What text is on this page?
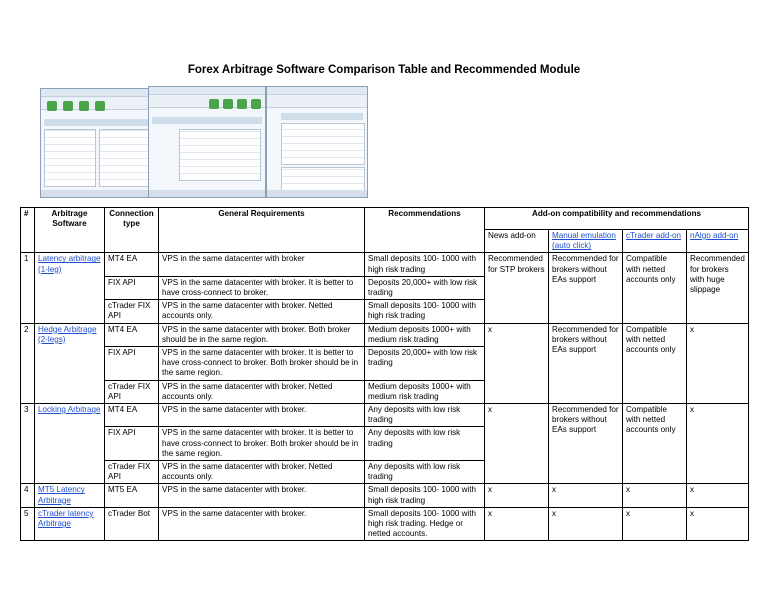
Forex Arbitrage Software Comparison Table and Recommended Module
#	Arbitrage Software	Connection type	General Requirements	Recommendations	Add-on compatibility and recommendations			
					News add-on	Manual emulation (auto click)	cTrader add-on	nAlgo add-on
1	Latency arbitrage (1-leg)	MT4 EA	VPS in the same datacenter with broker	Small deposits 100- 1000 with high risk trading	Recommended for STP brokers	Recommended for brokers without EAs support	Compatible with netted accounts only	Recommended for brokers with huge slippage
		FIX API	VPS in the same datacenter with broker. It is better to have cross-connect to broker.	Deposits 20,000+ with low risk trading				
		cTrader FIX API	VPS in the same datacenter with broker. Netted accounts only.	Small deposits 100- 1000 with high risk trading				
2	Hedge Arbitrage (2-legs)	MT4 EA	VPS in the same datacenter with broker. Both broker should be in the same region.	Medium deposits 1000+ with medium risk trading	x	Recommended for brokers without EAs support	Compatible with netted accounts only	x
		FIX API	VPS in the same datacenter with broker. It is better to have cross-connect to broker. Both broker should be in the same region.	Deposits 20,000+ with low risk trading				
		cTrader FIX API	VPS in the same datacenter with broker. Netted accounts only.	Medium deposits 1000+ with medium risk trading				
3	Locking Arbitrage	MT4 EA	VPS in the same datacenter with broker.	Any deposits with low risk trading	x	Recommended for brokers without EAs support	Compatible with netted accounts only	x
		FIX API	VPS in the same datacenter with broker. It is better to have cross-connect to broker. Both broker should be in the same region.	Any deposits with low risk trading				
		cTrader FIX API	VPS in the same datacenter with broker. Netted accounts only.	Any deposits with low risk trading				
4	MT5 Latency Arbitrage	MT5 EA	VPS in the same datacenter with broker.	Small deposits 100- 1000 with high risk trading	x	x	x	x
5	cTrader latency Arbitrage	cTrader Bot	VPS in the same datacenter with broker.	Small deposits 100- 1000 with high risk trading. Hedge or netted accounts.	x	x	x	x
